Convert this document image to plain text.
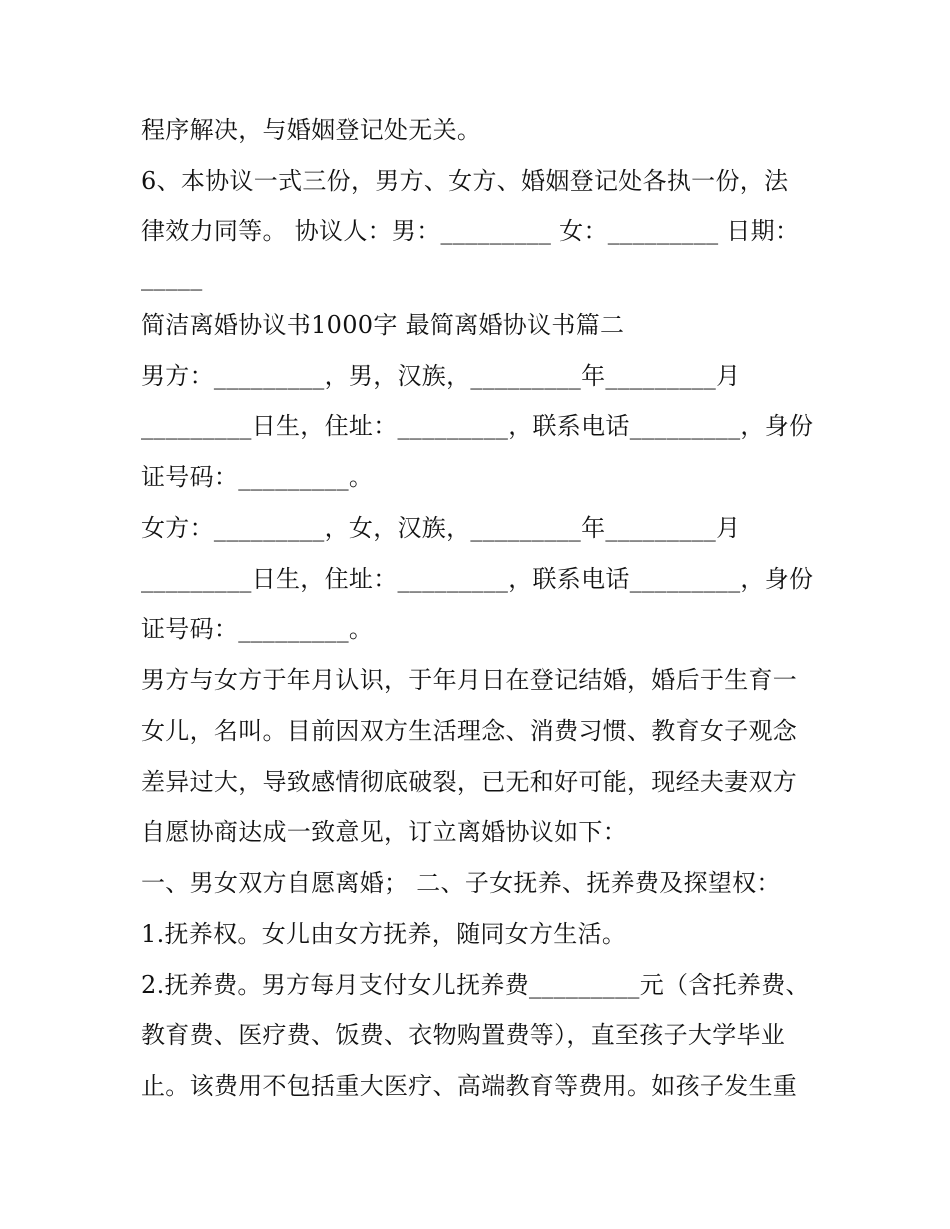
程序解决，与婚姻登记处无关。
6、本协议一式三份，男方、女方、婚姻登记处各执一份，法
律效力同等。 协议人：男：_________ 女：_________ 日期：
_____
简洁离婚协议书1000字 最简离婚协议书篇二
男方：_________，男，汉族，_________年_________月
_________日生，住址：_________，联系电话_________，身份
证号码：_________。
女方：_________，女，汉族，_________年_________月
_________日生，住址：_________，联系电话_________，身份
证号码：_________。
男方与女方于年月认识，于年月日在登记结婚，婚后于生育一
女儿，名叫。目前因双方生活理念、消费习惯、教育女子观念
差异过大，导致感情彻底破裂，已无和好可能，现经夫妻双方
自愿协商达成一致意见，订立离婚协议如下：
一、男女双方自愿离婚； 二、子女抚养、抚养费及探望权：
1.抚养权。女儿由女方抚养，随同女方生活。
2.抚养费。男方每月支付女儿抚养费_________元（含托养费、
教育费、医疗费、饭费、衣物购置费等），直至孩子大学毕业
止。该费用不包括重大医疗、高端教育等费用。如孩子发生重
